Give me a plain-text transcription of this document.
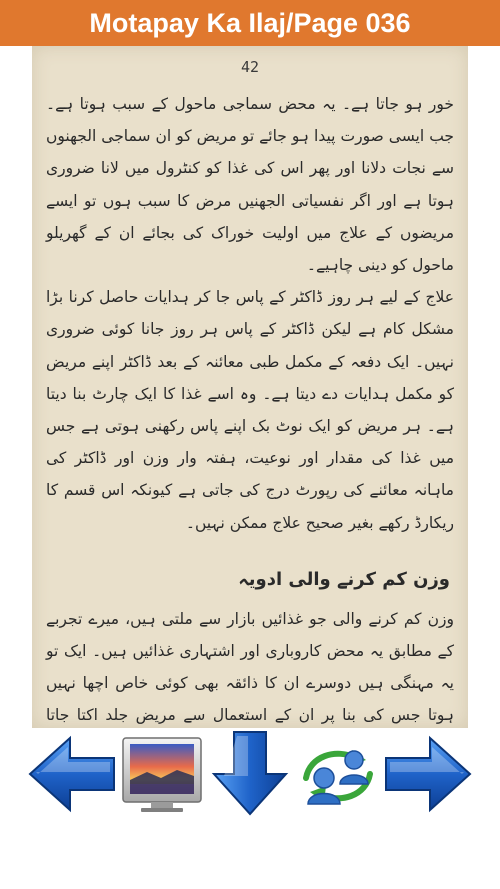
Motapay Ka Ilaj/Page 036
42

خور ہو جاتا ہے۔ یہ محض سماجی ماحول کے سبب ہوتا ہے۔ جب ایسی صورت پیدا ہو جائے تو مریض کو ان سماجی الجھنوں سے نجات دلانا اور پھر اس کی غذا کو کنٹرول میں لانا ضروری ہوتا ہے اور اگر نفسیاتی الجھنیں مرض کا سبب ہوں تو ایسے مریضوں کے علاج میں اولیت خوراک کی بجائے ان کے گھریلو ماحول کو دینی چاہیے۔

علاج کے لیے ہر روز ڈاکٹر کے پاس جا کر ہدایات حاصل کرنا بڑا مشکل کام ہے لیکن ڈاکٹر کے پاس ہر روز جانا کوئی ضروری نہیں۔ ایک دفعہ کے مکمل طبی معائنہ کے بعد ڈاکٹر اپنے مریض کو مکمل ہدایات دے دیتا ہے۔ وہ اسے غذا کا ایک چارٹ بنا دیتا ہے۔ ہر مریض کو ایک نوٹ بک اپنے پاس رکھنی ہوتی ہے جس میں غذا کی مقدار اور نوعیت، ہفتہ وار وزن اور ڈاکٹر کی ماہانہ معائنے کی رپورٹ درج کی جاتی ہے کیونکہ اس قسم کا ریکارڈ رکھے بغیر صحیح علاج ممکن نہیں۔

وزن کم کرنے والی ادویہ

وزن کم کرنے والی جو غذائیں بازار سے ملتی ہیں، میرے تجربے کے مطابق یہ محض کاروباری اور اشتہاری غذائیں ہیں۔ ایک تو یہ مہنگی ہیں دوسرے ان کا ذائقہ بھی کوئی خاص اچھا نہیں ہوتا جس کی بنا پر ان کے استعمال سے مریض جلد اکتا جاتا
